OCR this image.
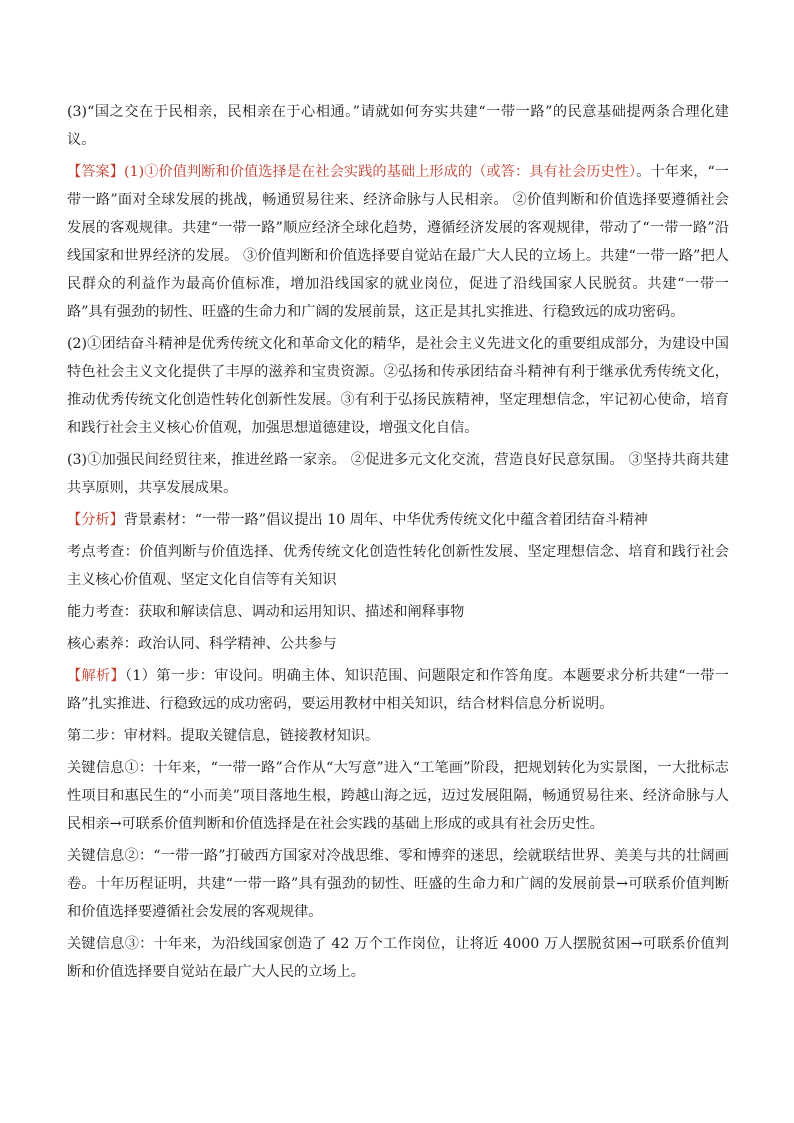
(3)“国之交在于民相亲，民相亲在于心相通。”请就如何夯实共建“一带一路”的民意基础提两条合理化建议。

【答案】(1)①价值判断和价值选择是在社会实践的基础上形成的（或答：具有社会历史性）。十年来，“一带一路”面对全球发展的挑战，畅通贸易往来、经济命脉与人民相亲。 ②价值判断和价值选择要遵循社会发展的客观规律。共建“一带一路”顺应经济全球化趋势，遵循经济发展的客观规律，带动了“一带一路”沿线国家和世界经济的发展。 ③价值判断和价值选择要自觉站在最广大人民的立场上。共建“一带一路”把人民群众的利益作为最高价值标准，增加沿线国家的就业岗位，促进了沿线国家人民脱贫。共建“一带一路”具有强劲的韧性、旺盛的生命力和广阔的发展前景，这正是其扎实推进、行稳致远的成功密码。

(2)①团结奋斗精神是优秀传统文化和革命文化的精华，是社会主义先进文化的重要组成部分，为建设中国特色社会主义文化提供了丰厚的滋养和宝贵资源。②弘扬和传承团结奋斗精神有利于继承优秀传统文化，推动优秀传统文化创造性转化创新性发展。③有利于弘扬民族精神，坚定理想信念，牢记初心使命，培育和践行社会主义核心价值观，加强思想道德建设，增强文化自信。

(3)①加强民间经贸往来，推进丝路一家亲。 ②促进多元文化交流，营造良好民意氛围。 ③坚持共商共建共享原则，共享发展成果。

【分析】背景素材：“一带一路”倡议提出 10 周年、中华优秀传统文化中蕴含着团结奋斗精神

考点考查：价值判断与价值选择、优秀传统文化创造性转化创新性发展、坚定理想信念、培育和践行社会主义核心价值观、坚定文化自信等有关知识

能力考查：获取和解读信息、调动和运用知识、描述和阐释事物

核心素养：政治认同、科学精神、公共参与

【解析】（1）第一步：审设问。明确主体、知识范围、问题限定和作答角度。本题要求分析共建“一带一路”扎实推进、行稳致远的成功密码，要运用教材中相关知识，结合材料信息分析说明。

第二步：审材料。提取关键信息，链接教材知识。

关键信息①：十年来，“一带一路”合作从“大写意”进入“工笔画”阶段，把规划转化为实景图，一大批标志性项目和惠民生的“小而美”项目落地生根，跨越山海之远，迈过发展阻隔，畅通贸易往来、经济命脉与人民相亲→可联系价值判断和价值选择是在社会实践的基础上形成的或具有社会历史性。

关键信息②：“一带一路”打破西方国家对冷战思维、零和博弈的迷思，绘就联结世界、美美与共的壮阔画卷。十年历程证明，共建“一带一路”具有强劲的韧性、旺盛的生命力和广阔的发展前景→可联系价值判断和价值选择要遵循社会发展的客观规律。

关键信息③：十年来，为沿线国家创造了 42 万个工作岗位，让将近 4000 万人摆脱贫困→可联系价值判断和价值选择要自觉站在最广大人民的立场上。
